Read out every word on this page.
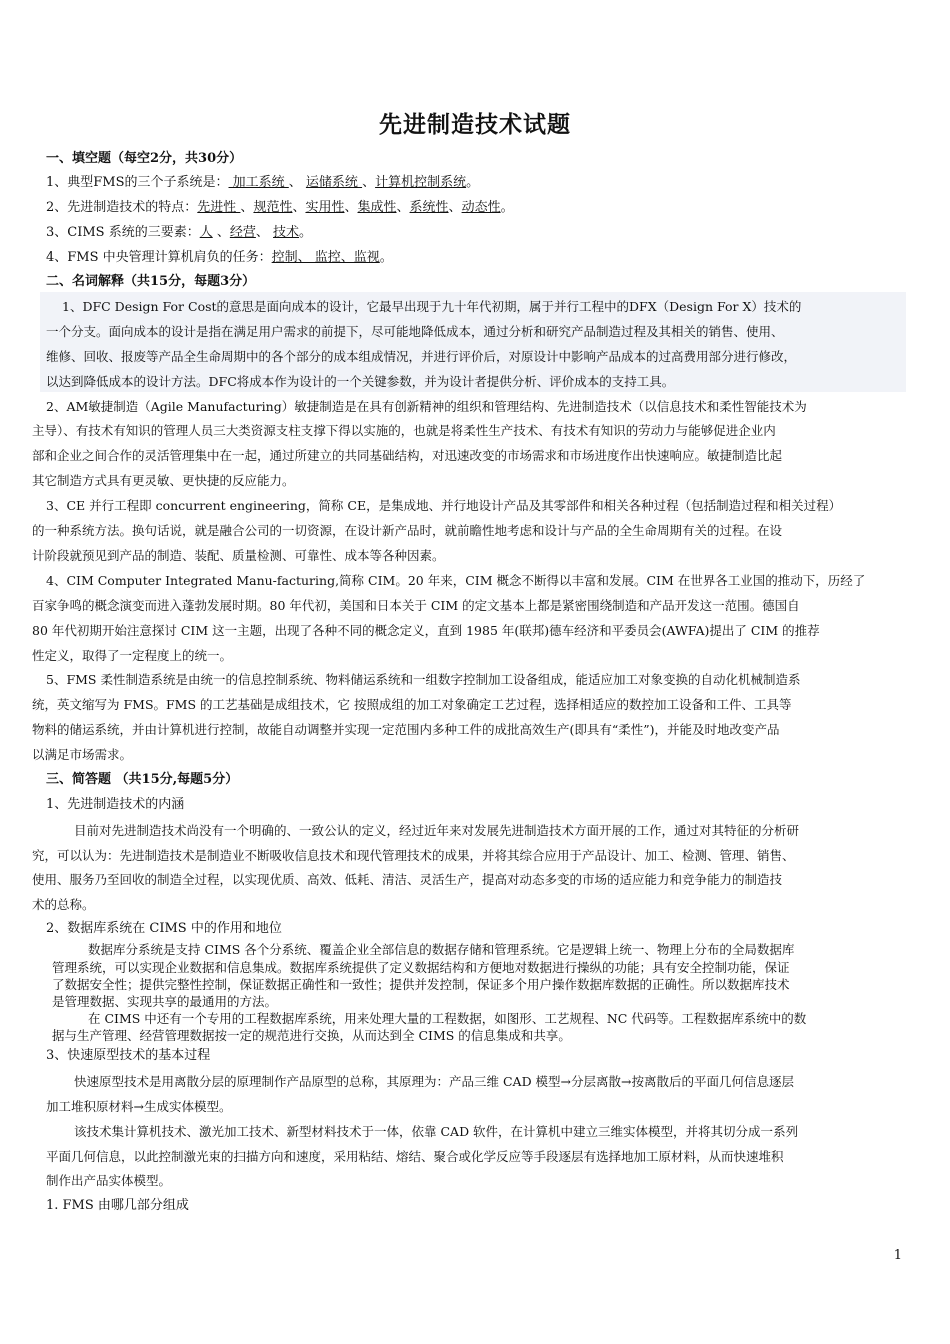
先进制造技术试题
一、填空题（每空2分，共30分）
1、典型FMS的三个子系统是： 加工系统 、 运储系统 、计算机控制系统。
2、先进制造技术的特点：先进性 、规范性、实用性、集成性、系统性、动态性。
3、CIMS 系统的三要素：人 、经营、 技术。
4、FMS 中央管理计算机肩负的任务：控制、 监控、监视。
二、名词解释（共15分，每题3分）
1、DFC Design For Cost的意思是面向成本的设计，它最早出现于九十年代初期，属于并行工程中的DFX（Design For X）技术的
一个分支。面向成本的设计是指在满足用户需求的前提下，尽可能地降低成本，通过分析和研究产品制造过程及其相关的销售、使用、
维修、回收、报废等产品全生命周期中的各个部分的成本组成情况，并进行评价后，对原设计中影响产品成本的过高费用部分进行修改，
以达到降低成本的设计方法。DFC将成本作为设计的一个关键参数，并为设计者提供分析、评价成本的支持工具。
2、AM敏捷制造（Agile Manufacturing）敏捷制造是在具有创新精神的组织和管理结构、先进制造技术（以信息技术和柔性智能技术为
主导）、有技术有知识的管理人员三大类资源支柱支撑下得以实施的，也就是将柔性生产技术、有技术有知识的劳动力与能够促进企业内
部和企业之间合作的灵活管理集中在一起，通过所建立的共同基础结构，对迅速改变的市场需求和市场进度作出快速响应。敏捷制造比起
其它制造方式具有更灵敏、更快捷的反应能力。
3、CE 并行工程即 concurrent engineering，简称 CE，是集成地、并行地设计产品及其零部件和相关各种过程（包括制造过程和相关过程）
的一种系统方法。换句话说，就是融合公司的一切资源，在设计新产品时，就前瞻性地考虑和设计与产品的全生命周期有关的过程。在设
计阶段就预见到产品的制造、装配、质量检测、可靠性、成本等各种因素。
4、CIM Computer Integrated Manu-facturing,简称 CIM。20 年来，CIM 概念不断得以丰富和发展。CIM 在世界各工业国的推动下，历经了
百家争鸣的概念演变而进入蓬勃发展时期。80 年代初，美国和日本关于 CIM 的定文基本上都是紧密围绕制造和产品开发这一范围。德国自
80 年代初期开始注意探讨 CIM 这一主题，出现了各种不同的概念定义，直到 1985 年(联邦)德车经济和平委员会(AWFA)提出了 CIM 的推荐
性定义，取得了一定程度上的统一。
5、FMS 柔性制造系统是由统一的信息控制系统、物料储运系统和一组数字控制加工设备组成，能适应加工对象变换的自动化机械制造系
统，英文缩写为 FMS。FMS 的工艺基础是成组技术，它 按照成组的加工对象确定工艺过程，选择相适应的数控加工设备和工件、工具等
物料的储运系统，并由计算机进行控制，故能自动调整并实现一定范围内多种工件的成批高效生产(即具有“柔性”)，并能及时地改变产品
以满足市场需求。
三、简答题 （共15分,每题5分）
1、先进制造技术的内涵
目前对先进制造技术尚没有一个明确的、一致公认的定义，经过近年来对发展先进制造技术方面开展的工作，通过对其特征的分析研
究，可以认为：先进制造技术是制造业不断吸收信息技术和现代管理技术的成果，并将其综合应用于产品设计、加工、检测、管理、销售、
使用、服务乃至回收的制造全过程，以实现优质、高效、低耗、清洁、灵活生产，提高对动态多变的市场的适应能力和竞争能力的制造技
术的总称。
2、数据库系统在 CIMS 中的作用和地位
数据库分系统是支持 CIMS 各个分系统、覆盖企业全部信息的数据存储和管理系统。它是逻辑上统一、物理上分布的全局数据库
管理系统，可以实现企业数据和信息集成。数据库系统提供了定义数据结构和方便地对数据进行操纵的功能；具有安全控制功能，保证
了数据安全性；提供完整性控制，保证数据正确性和一致性；提供并发控制，保证多个用户操作数据库数据的正确性。所以数据库技术
是管理数据、实现共享的最通用的方法。
在 CIMS 中还有一个专用的工程数据库系统，用来处理大量的工程数据，如图形、工艺规程、NC 代码等。工程数据库系统中的数
据与生产管理、经营管理数据按一定的规范进行交换，从而达到全 CIMS 的信息集成和共享。
3、快速原型技术的基本过程
快速原型技术是用离散分层的原理制作产品原型的总称，其原理为：产品三维 CAD 模型→分层离散→按离散后的平面几何信息逐层
加工堆积原材料→生成实体模型。
该技术集计算机技术、激光加工技术、新型材料技术于一体，依靠 CAD 软件，在计算机中建立三维实体模型，并将其切分成一系列
平面几何信息，以此控制激光束的扫描方向和速度，采用粘结、熔结、聚合或化学反应等手段逐层有选择地加工原材料，从而快速堆积
制作出产品实体模型。
1. FMS 由哪几部分组成
1
